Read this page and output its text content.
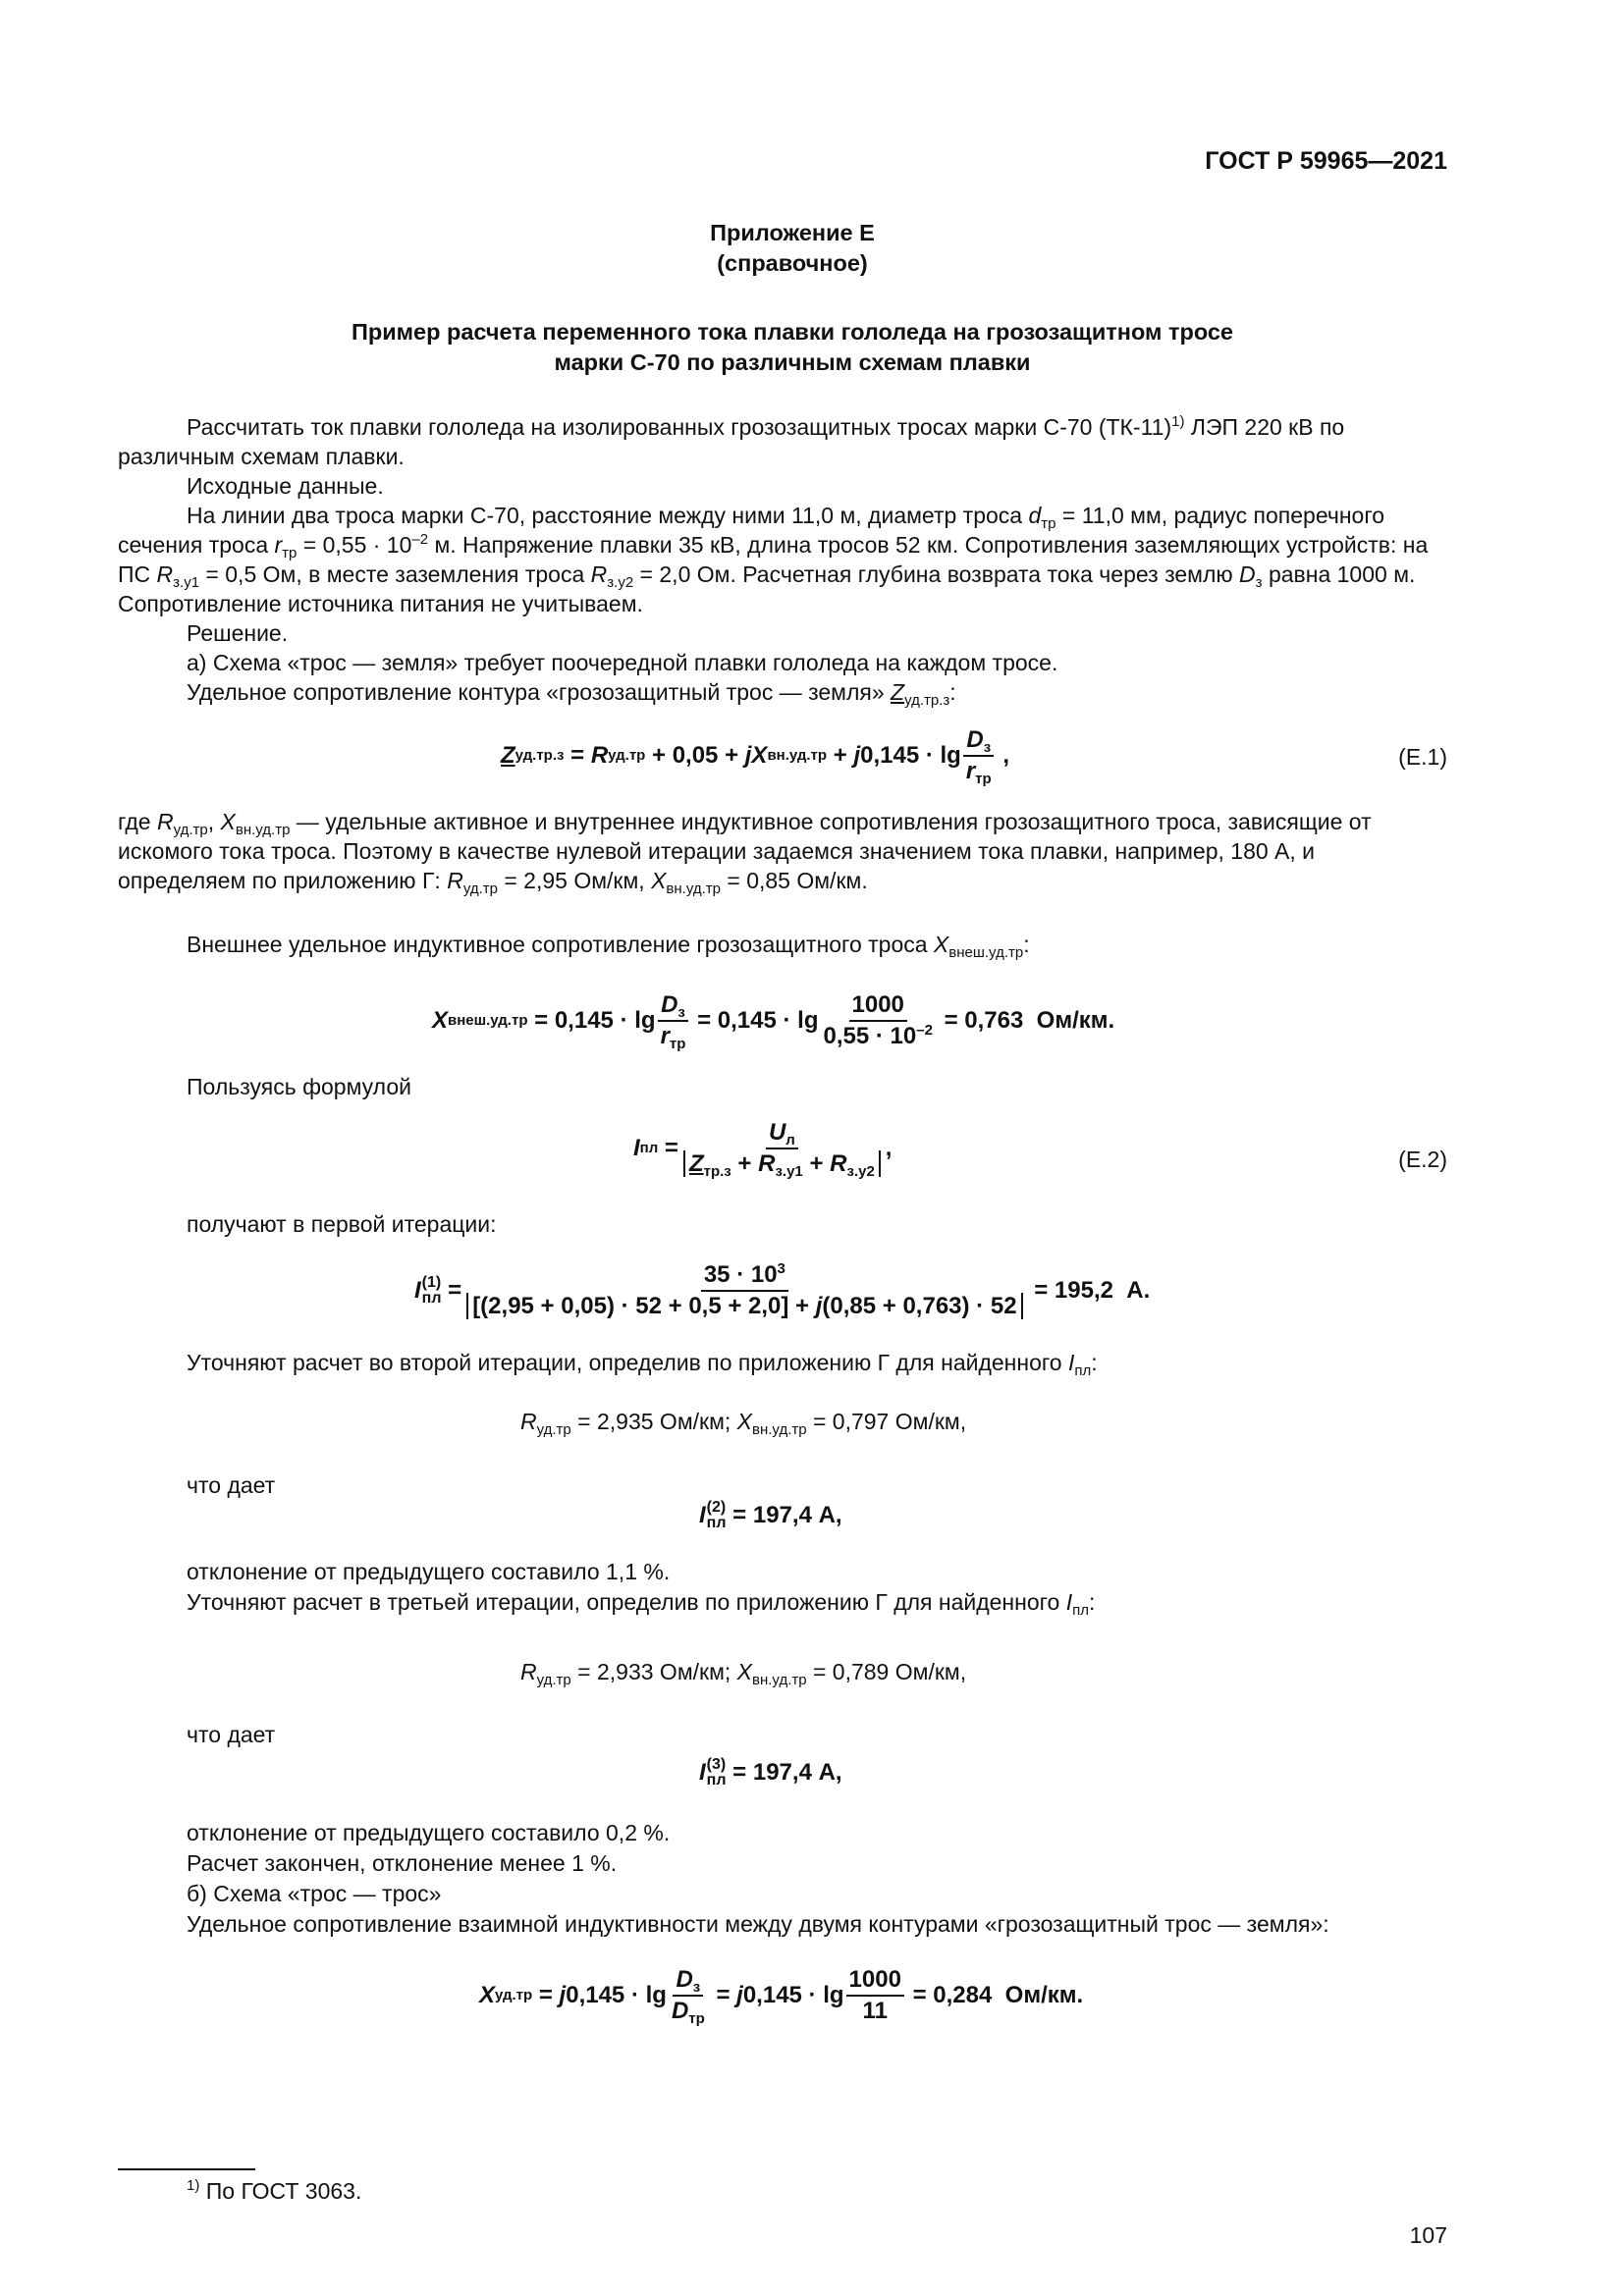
ГОСТ Р 59965—2021
Приложение Е
(справочное)
Пример расчета переменного тока плавки гололеда на грозозащитном тросе
марки С-70 по различным схемам плавки

Рассчитать ток плавки гололеда на изолированных грозозащитных тросах марки С-70 $(ТК-11)^{1)}$ ЛЭП 220 кВ по различным схемам плавки.

Исходные данные.

На линии два троса марки С-70, расстояние между ними 11,0 м, диаметр троса $d_{тр} = 11,0$ мм, радиус поперечного сечения троса $r_{тр} = 0,55 \cdot 10^{-2}$ м. Напряжение плавки 35 кВ, длина тросов 52 км. Сопротивления заземляющих устройств: на ПС $R_{з.у1} = 0,5$ Ом, в месте заземления троса $R_{з.у2} = 2,0$ Ом. Расчетная глубина возврата тока через землю $D_з$ равна 1000 м. Сопротивление источника питания не учитываем.

Решение.

а) Схема «трос — земля» требует поочередной плавки гололеда на каждом тросе.

Удельное сопротивление контура «грозозащитный трос — земля» $Z_{уд.тр.з}$:

Z уд.тр.з = R уд.тр + 0,05 + jX вн.уд.тр + j $0,145 \cdot \lg \frac{D_з}{r_{тр}}$ ,	(Е.1)

где $R_{уд.тр}$, $X_{вн.уд.тр}$ — удельные активное и внутреннее индуктивное сопротивления грозозащитного троса, зависящие от искомого тока троса. Поэтому в качестве нулевой итерации задаемся значением тока плавки, например, 180 А, и определяем по приложению Г: $R_{уд.тр} = 2,95$ Ом/км, $X_{вн.уд.тр} = 0,85$ Ом/км.

Внешнее удельное индуктивное сопротивление грозозащитного троса $X_{внеш.уд.тр}$:

X внеш.уд.тр = $0,145 \cdot \lg \frac{D_з}{r_{тр}} = 0,145 \cdot \lg \frac{1000}{0,55 \cdot 10^{-2}} = 0,763$  Ом/км.
Пользуясь формулой
I пл = $\frac{U_л}{Z_{тр.з} + R_{з.у1} + R_{з.у2}}$ ,	(Е.2)
получают в первой итерации:
I (1)
пл = $\frac{35 \cdot 10^3}{[(2,95 + 0,05) \cdot 52 + 0,5 + 2,0] + j(0,85 + 0,763) \cdot 52} = 195,2$  А.
Уточняют расчет во второй итерации, определив по приложению Г для найденного $I_{пл}$:
$R_{уд.тр} = 2,935$ Ом/км; $X_{вн.уд.тр} = 0,797$ Ом/км,
что дает
I (2)
пл = 197,4 А,
отклонение от предыдущего составило 1,1 %.
Уточняют расчет в третьей итерации, определив по приложению Г для найденного $I_{пл}$:
$R_{уд.тр} = 2,933$ Ом/км; $X_{вн.уд.тр} = 0,789$ Ом/км,
что дает
I (3)
пл = 197,4 А,
отклонение от предыдущего составило 0,2 %.
Расчет закончен, отклонение менее 1 %.
б) Схема «трос — трос»
Удельное сопротивление взаимной индуктивности между двумя контурами «грозозащитный трос — земля»:
X уд.тр = j $0,145 \cdot \lg \frac{D_з}{D_{тр}} = j$ $0,145 \cdot \lg \frac{1000}{11} = 0,284$  Ом/км.
$^{1)}$ По ГОСТ 3063.
107
